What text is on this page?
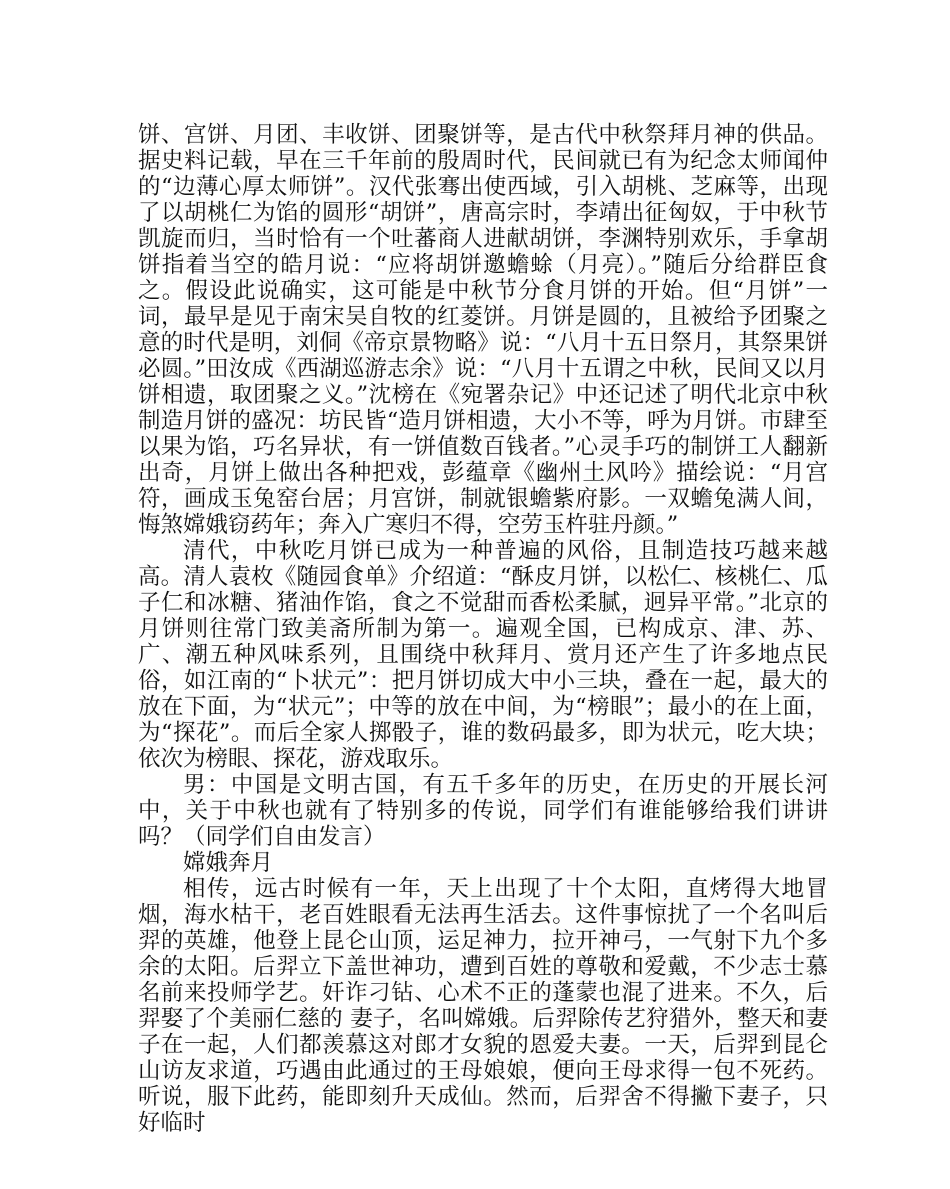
饼、宫饼、月团、丰收饼、团聚饼等，是古代中秋祭拜月神的供品。据史料记载，早在三千年前的殷周时代，民间就已有为纪念太师闻仲的“边薄心厚太师饼”。汉代张骞出使西域，引入胡桃、芝麻等，出现了以胡桃仁为馅的圆形“胡饼”，唐高宗时，李靖出征匈奴，于中秋节凯旋而归，当时恰有一个吐蕃商人进献胡饼，李渊特别欢乐，手拿胡饼指着当空的皓月说：“应将胡饼邀蟾蜍（月亮）。”随后分给群臣食之。假设此说确实，这可能是中秋节分食月饼的开始。但“月饼”一词，最早是见于南宋吴自牧的红菱饼。月饼是圆的，且被给予团聚之意的时代是明，刘侗《帝京景物略》说：“八月十五日祭月，其祭果饼必圆。”田汝成《西湖巡游志余》说：“八月十五谓之中秋，民间又以月饼相遗，取团聚之义。”沈榜在《宛署杂记》中还记述了明代北京中秋制造月饼的盛况：坊民皆“造月饼相遗，大小不等，呼为月饼。市肆至以果为馅，巧名异状，有一饼值数百钱者。”心灵手巧的制饼工人翻新出奇，月饼上做出各种把戏，彭蕴章《幽州土风吟》描绘说：“月宫符，画成玉兔窑台居；月宫饼，制就银蟾紫府影。一双蟾兔满人间，悔煞嫦娥窃药年；奔入广寒归不得，空劳玉杵驻丹颜。”

清代，中秋吃月饼已成为一种普遍的风俗，且制造技巧越来越高。清人袁枚《随园食单》介绍道：“酥皮月饼，以松仁、核桃仁、瓜子仁和冰糖、猪油作馅，食之不觉甜而香松柔腻，迥异平常。”北京的月饼则往常门致美斋所制为第一。遍观全国，已构成京、津、苏、广、潮五种风味系列，且围绕中秋拜月、赏月还产生了许多地点民俗，如江南的“卜状元”：把月饼切成大中小三块，叠在一起，最大的放在下面，为“状元”；中等的放在中间，为“榜眼”；最小的在上面，为“探花”。而后全家人掷骰子，谁的数码最多，即为状元，吃大块；依次为榜眼、探花，游戏取乐。

男：中国是文明古国，有五千多年的历史，在历史的开展长河中，关于中秋也就有了特别多的传说，同学们有谁能够给我们讲讲吗？（同学们自由发言）

嫦娥奔月

相传，远古时候有一年，天上出现了十个太阳，直烤得大地冒烟，海水枯干，老百姓眼看无法再生活去。这件事惊扰了一个名叫后羿的英雄，他登上昆仑山顶，运足神力，拉开神弓，一气射下九个多余的太阳。后羿立下盖世神功，遭到百姓的尊敬和爱戴，不少志士慕名前来投师学艺。奸诈刁钻、心术不正的蓬蒙也混了进来。不久，后羿娶了个美丽仁慈的 妻子，名叫嫦娥。后羿除传艺狩猎外，整天和妻子在一起，人们都羡慕这对郎才女貌的恩爱夫妻。一天，后羿到昆仑山访友求道，巧遇由此通过的王母娘娘，便向王母求得一包不死药。听说，服下此药，能即刻升天成仙。然而，后羿舍不得撇下妻子，只好临时
